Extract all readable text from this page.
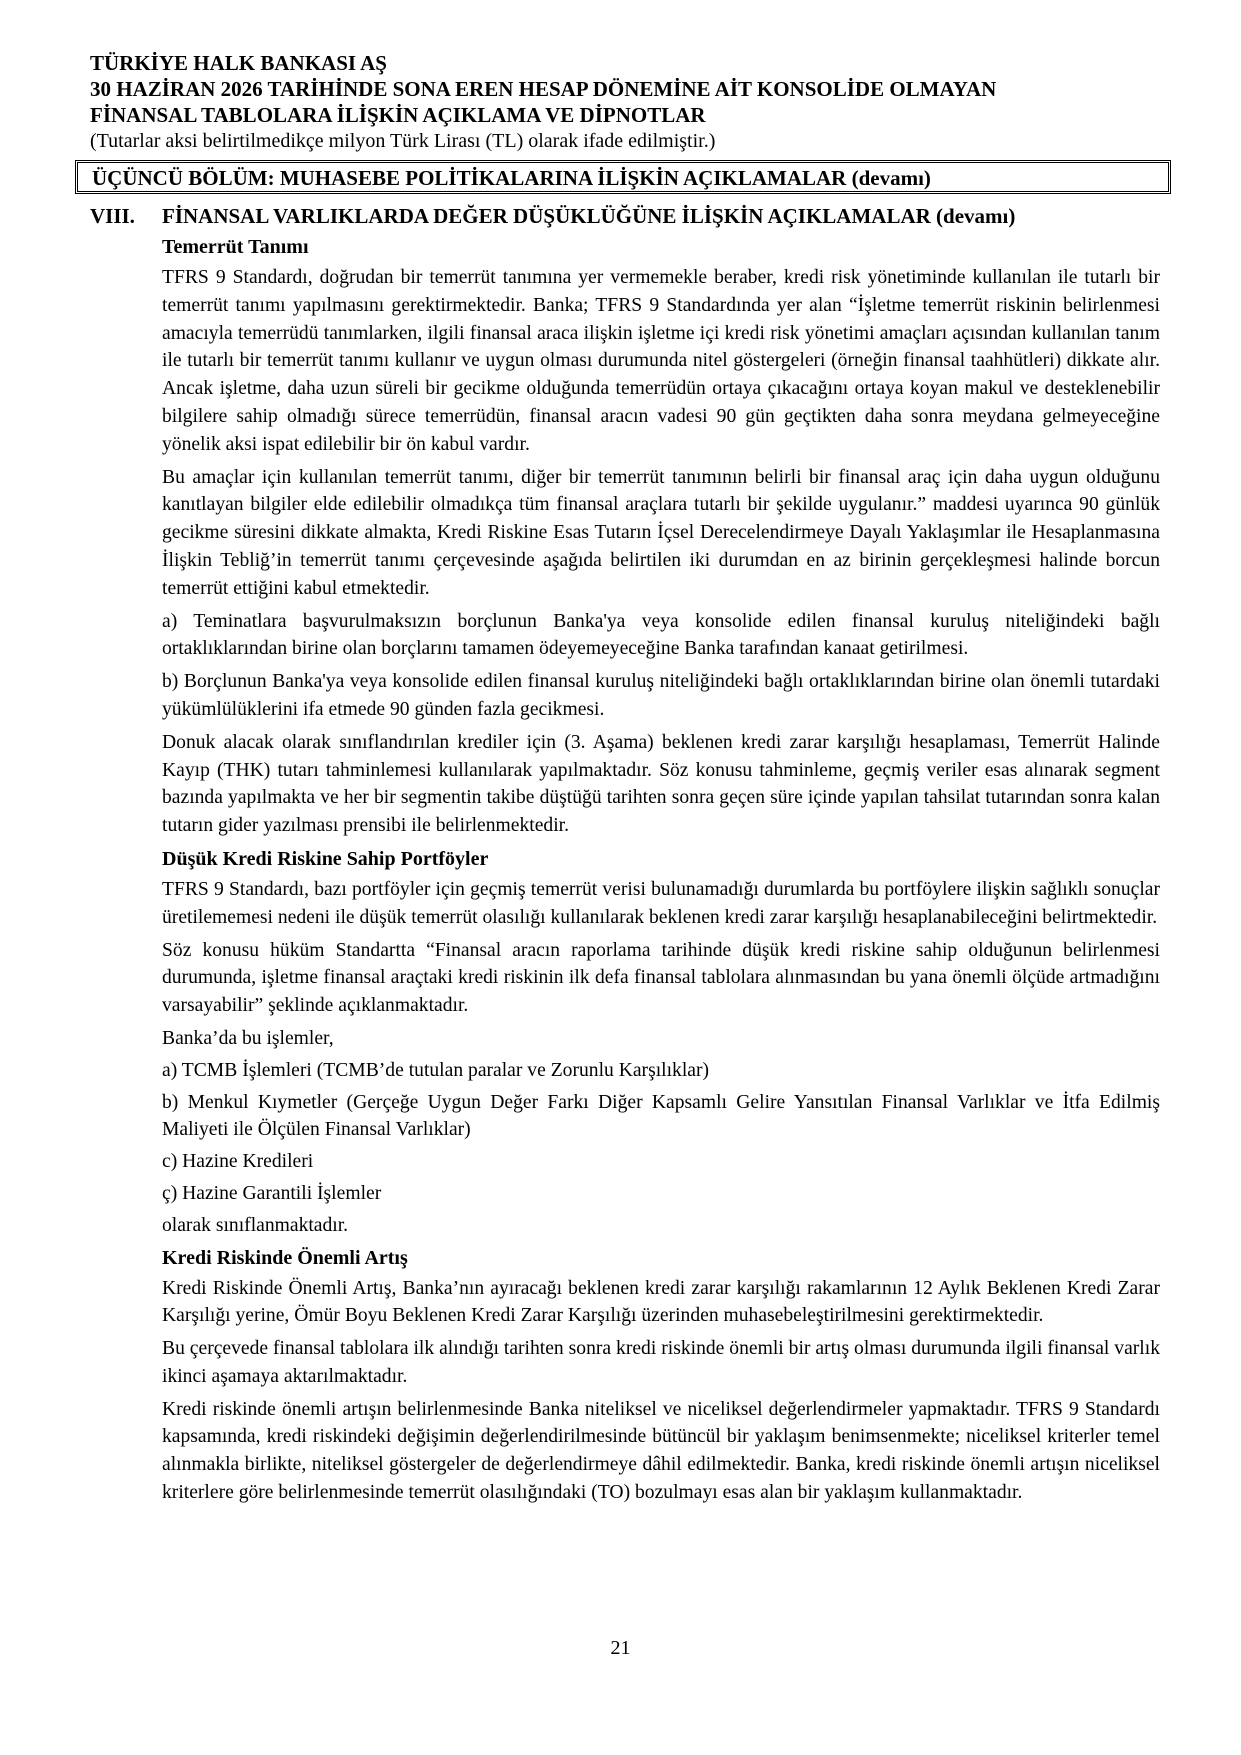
TÜRKİYE HALK BANKASI AŞ
30 HAZİRAN 2026 TARİHİNDE SONA EREN HESAP DÖNEMİNE AİT KONSOLİDE OLMAYAN
FİNANSAL TABLOLARA İLİŞKİN AÇIKLAMA VE DİPNOTLAR
(Tutarlar aksi belirtilmedikçe milyon Türk Lirası (TL) olarak ifade edilmiştir.)
ÜÇÜNCÜ BÖLÜM: MUHASEBE POLİTİKALARINA İLİŞKİN AÇIKLAMALAR (devamı)
VIII. FİNANSAL VARLIKLARDA DEĞER DÜŞÜKLÜĞÜNE İLİŞKİN AÇIKLAMALAR (devamı)
Temerrüt Tanımı

TFRS 9 Standardı, doğrudan bir temerrüt tanımına yer vermemekle beraber, kredi risk yönetiminde kullanılan ile tutarlı bir temerrüt tanımı yapılmasını gerektirmektedir. Banka; TFRS 9 Standardında yer alan “İşletme temerrüt riskinin belirlenmesi amacıyla temerrüdü tanımlarken, ilgili finansal araca ilişkin işletme içi kredi risk yönetimi amaçları açısından kullanılan tanım ile tutarlı bir temerrüt tanımı kullanır ve uygun olması durumunda nitel göstergeleri (örneğin finansal taahhütleri) dikkate alır. Ancak işletme, daha uzun süreli bir gecikme olduğunda temerrüdün ortaya çıkacağını ortaya koyan makul ve desteklenebilir bilgilere sahip olmadığı sürece temerrüdün, finansal aracın vadesi 90 gün geçtikten daha sonra meydana gelmeyeceğine yönelik aksi ispat edilebilir bir ön kabul vardır.

Bu amaçlar için kullanılan temerrüt tanımı, diğer bir temerrüt tanımının belirli bir finansal araç için daha uygun olduğunu kanıtlayan bilgiler elde edilebilir olmadıkça tüm finansal araçlara tutarlı bir şekilde uygulanır.” maddesi uyarınca 90 günlük gecikme süresini dikkate almakta, Kredi Riskine Esas Tutarın İçsel Derecelendirmeye Dayalı Yaklaşımlar ile Hesaplanmasına İlişkin Tebliğ’in temerrüt tanımı çerçevesinde aşağıda belirtilen iki durumdan en az birinin gerçekleşmesi halinde borcun temerrüt ettiğini kabul etmektedir.

a) Teminatlara başvurulmaksızın borçlunun Banka'ya veya konsolide edilen finansal kuruluş niteliğindeki bağlı ortaklıklarından birine olan borçlarını tamamen ödeyemeyeceğine Banka tarafından kanaat getirilmesi.

b) Borçlunun Banka'ya veya konsolide edilen finansal kuruluş niteliğindeki bağlı ortaklıklarından birine olan önemli tutardaki yükümlülüklerini ifa etmede 90 günden fazla gecikmesi.

Donuk alacak olarak sınıflandırılan krediler için (3. Aşama) beklenen kredi zarar karşılığı hesaplaması, Temerrüt Halinde Kayıp (THK) tutarı tahminlemesi kullanılarak yapılmaktadır. Söz konusu tahminleme, geçmiş veriler esas alınarak segment bazında yapılmakta ve her bir segmentin takibe düştüğü tarihten sonra geçen süre içinde yapılan tahsilat tutarından sonra kalan tutarın gider yazılması prensibi ile belirlenmektedir.

Düşük Kredi Riskine Sahip Portföyler

TFRS 9 Standardı, bazı portföyler için geçmiş temerrüt verisi bulunamadığı durumlarda bu portföylere ilişkin sağlıklı sonuçlar üretilememesi nedeni ile düşük temerrüt olasılığı kullanılarak beklenen kredi zarar karşılığı hesaplanabileceğini belirtmektedir.

Söz konusu hüküm Standartta “Finansal aracın raporlama tarihinde düşük kredi riskine sahip olduğunun belirlenmesi durumunda, işletme finansal araçtaki kredi riskinin ilk defa finansal tablolara alınmasından bu yana önemli ölçüde artmadığını varsayabilir” şeklinde açıklanmaktadır.

Banka’da bu işlemler,

a) TCMB İşlemleri (TCMB’de tutulan paralar ve Zorunlu Karşılıklar)

b) Menkul Kıymetler (Gerçeğe Uygun Değer Farkı Diğer Kapsamlı Gelire Yansıtılan Finansal Varlıklar ve İtfa Edilmiş Maliyeti ile Ölçülen Finansal Varlıklar)

c) Hazine Kredileri

ç) Hazine Garantili İşlemler

olarak sınıflanmaktadır.

Kredi Riskinde Önemli Artış

Kredi Riskinde Önemli Artış, Banka’nın ayıracağı beklenen kredi zarar karşılığı rakamlarının 12 Aylık Beklenen Kredi Zarar Karşılığı yerine, Ömür Boyu Beklenen Kredi Zarar Karşılığı üzerinden muhasebeleştirilmesini gerektirmektedir.

Bu çerçevede finansal tablolara ilk alındığı tarihten sonra kredi riskinde önemli bir artış olması durumunda ilgili finansal varlık ikinci aşamaya aktarılmaktadır.

Kredi riskinde önemli artışın belirlenmesinde Banka niteliksel ve niceliksel değerlendirmeler yapmaktadır. TFRS 9 Standardı kapsamında, kredi riskindeki değişimin değerlendirilmesinde bütüncül bir yaklaşım benimsenmekte; niceliksel kriterler temel alınmakla birlikte, niteliksel göstergeler de değerlendirmeye dâhil edilmektedir. Banka, kredi riskinde önemli artışın niceliksel kriterlere göre belirlenmesinde temerrüt olasılığındaki (TO) bozulmayı esas alan bir yaklaşım kullanmaktadır.

21
